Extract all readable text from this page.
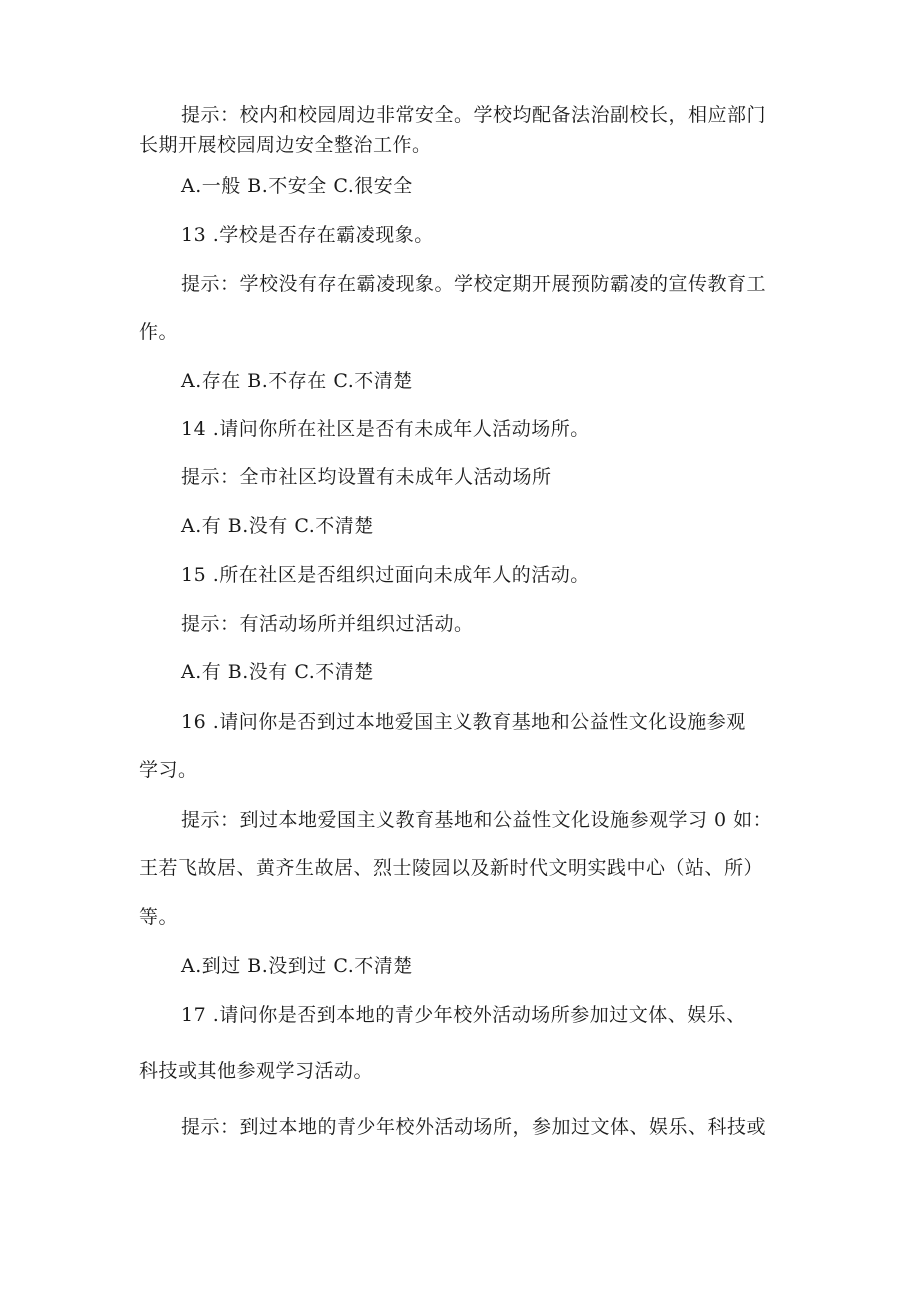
提示：校内和校园周边非常安全。学校均配备法治副校长，相应部门
长期开展校园周边安全整治工作。
A.一般 B.不安全 C.很安全
13 .学校是否存在霸凌现象。
提示：学校没有存在霸凌现象。学校定期开展预防霸凌的宣传教育工
作。
A.存在 B.不存在 C.不清楚
14 .请问你所在社区是否有未成年人活动场所。
提示：全市社区均设置有未成年人活动场所
A.有 B.没有 C.不清楚
15 .所在社区是否组织过面向未成年人的活动。
提示：有活动场所并组织过活动。
A.有 B.没有 C.不清楚
16 .请问你是否到过本地爱国主义教育基地和公益性文化设施参观
学习。
提示：到过本地爱国主义教育基地和公益性文化设施参观学习 0 如：
王若飞故居、黄齐生故居、烈士陵园以及新时代文明实践中心（站、所）
等。
A.到过 B.没到过 C.不清楚
17 .请问你是否到本地的青少年校外活动场所参加过文体、娱乐、
科技或其他参观学习活动。
提示：到过本地的青少年校外活动场所，参加过文体、娱乐、科技或
